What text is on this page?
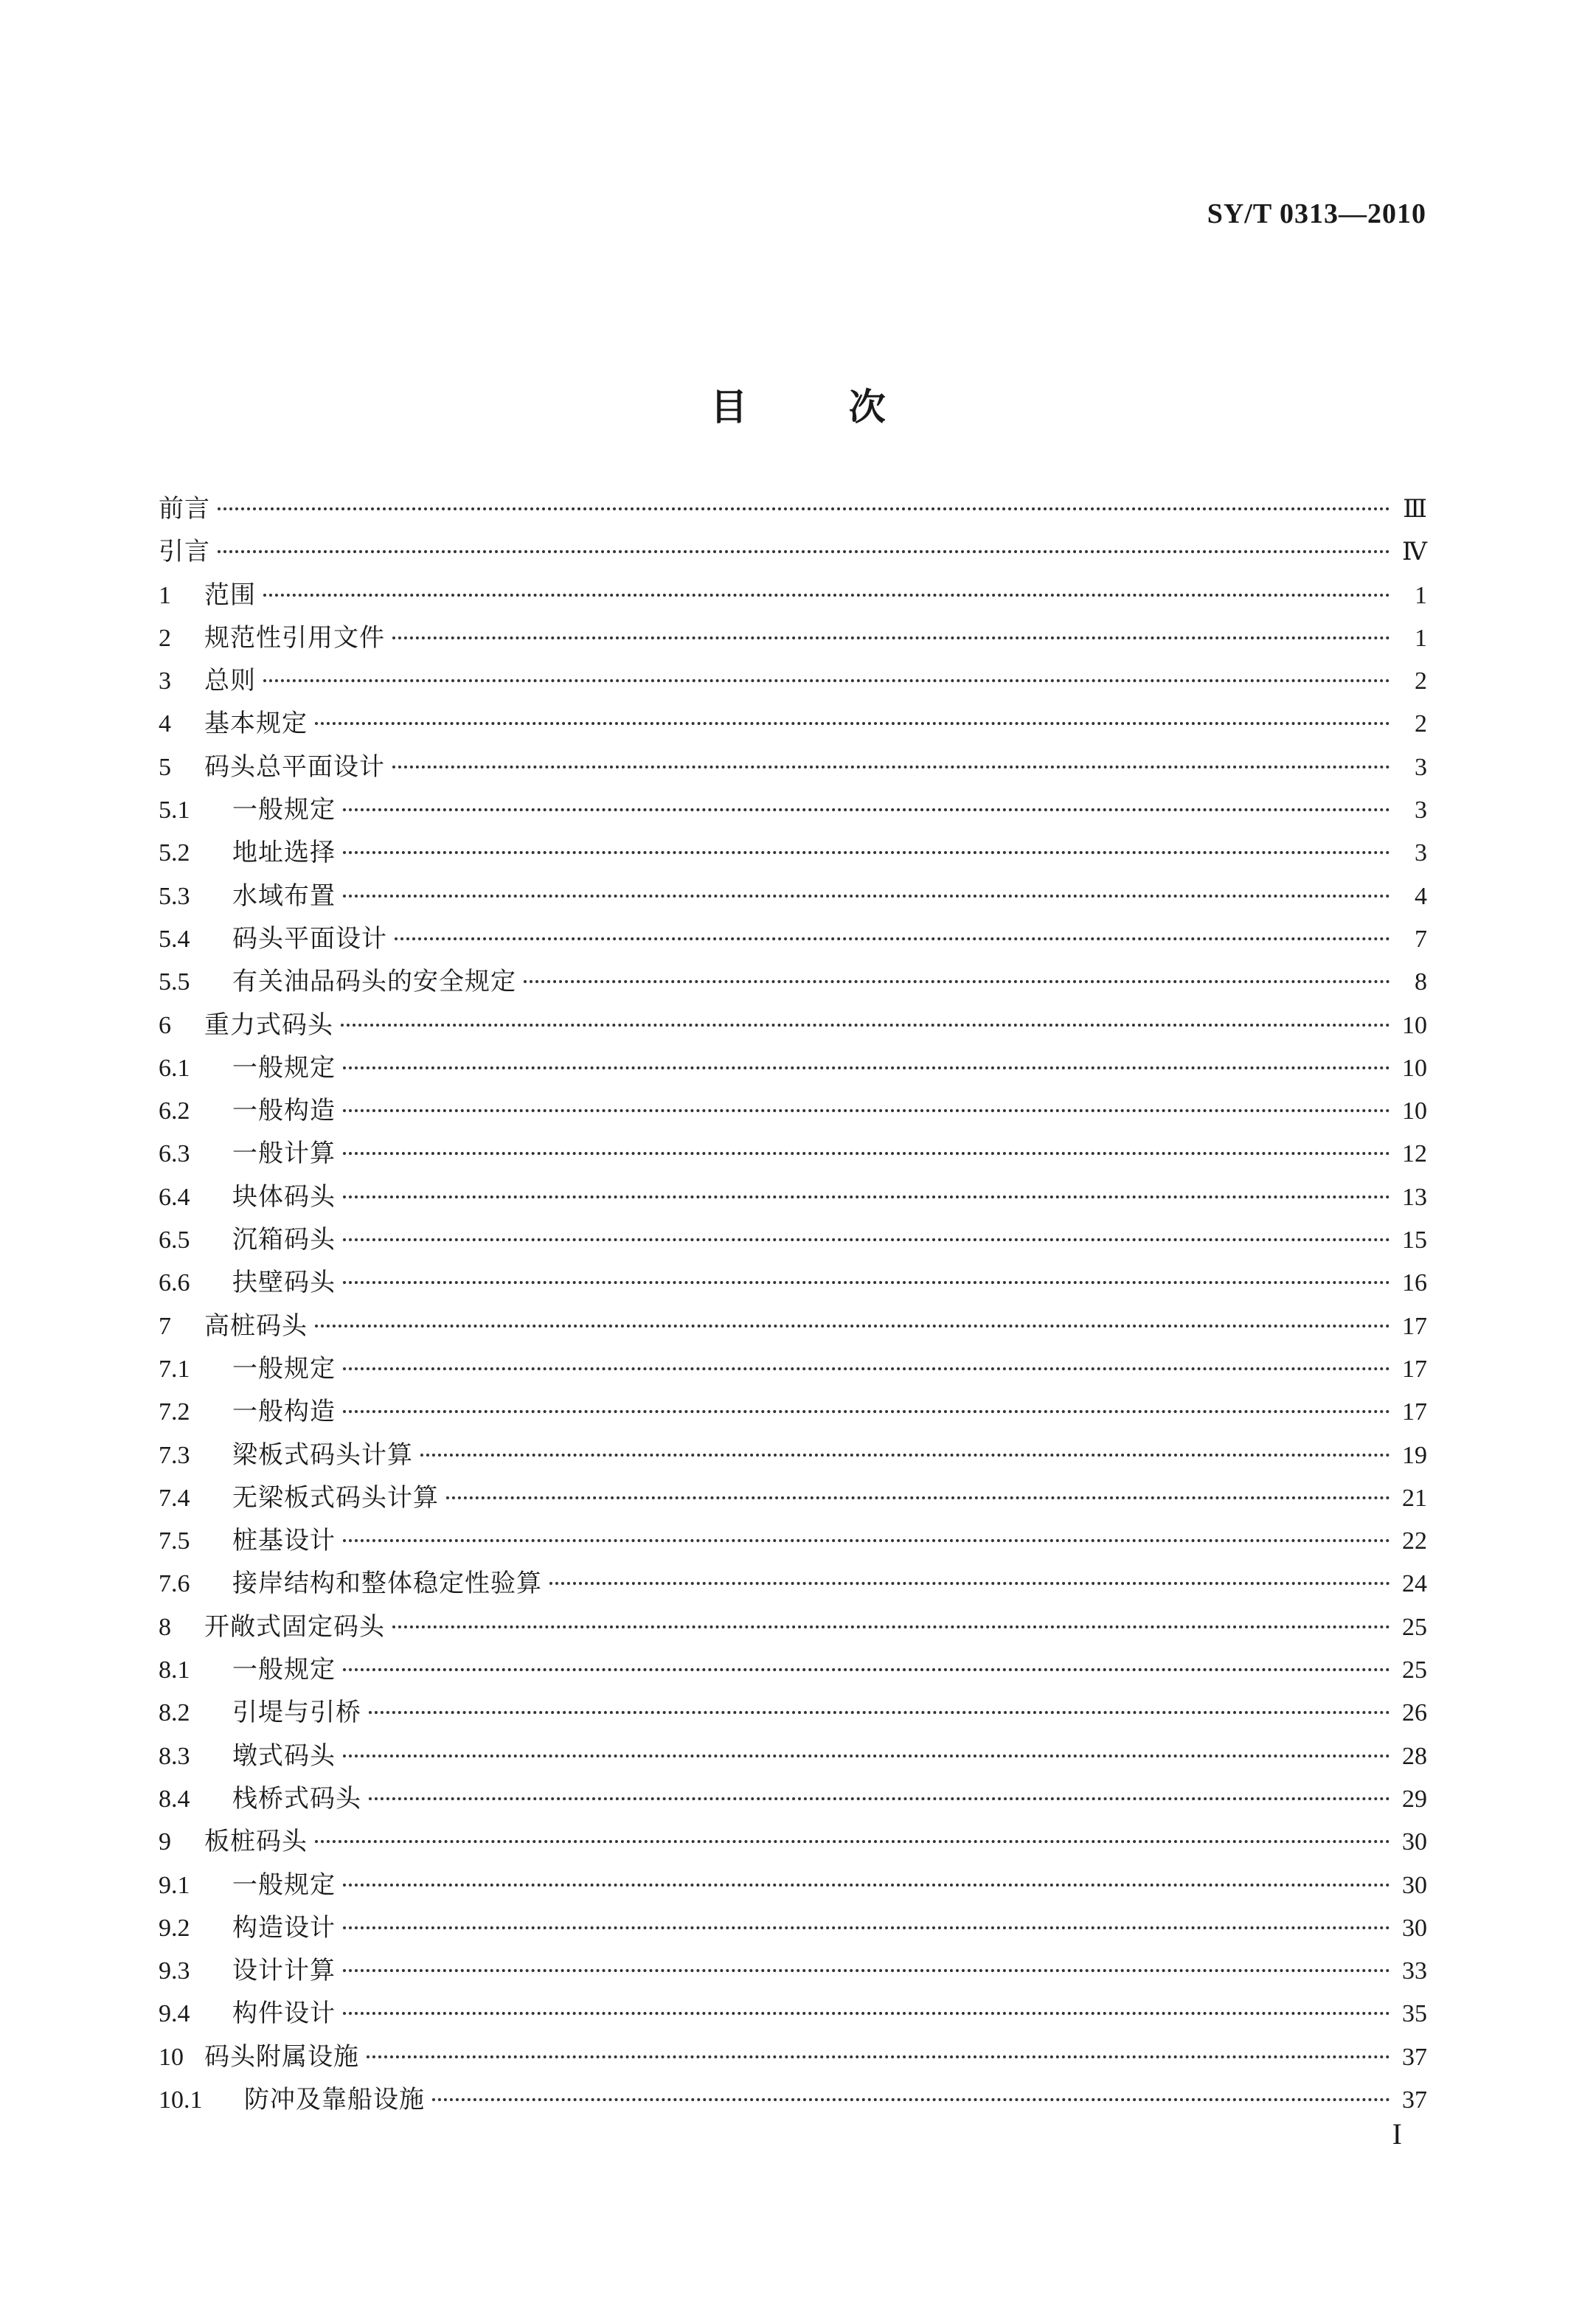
SY/T 0313—2010
目 次
前言	Ⅲ
引言	Ⅳ
1	范围	1
2	规范性引用文件	1
3	总则	2
4	基本规定	2
5	码头总平面设计	3
5.1	一般规定	3
5.2	地址选择	3
5.3	水域布置	4
5.4	码头平面设计	7
5.5	有关油品码头的安全规定	8
6	重力式码头	10
6.1	一般规定	10
6.2	一般构造	10
6.3	一般计算	12
6.4	块体码头	13
6.5	沉箱码头	15
6.6	扶壁码头	16
7	高桩码头	17
7.1	一般规定	17
7.2	一般构造	17
7.3	梁板式码头计算	19
7.4	无梁板式码头计算	21
7.5	桩基设计	22
7.6	接岸结构和整体稳定性验算	24
8	开敞式固定码头	25
8.1	一般规定	25
8.2	引堤与引桥	26
8.3	墩式码头	28
8.4	栈桥式码头	29
9	板桩码头	30
9.1	一般规定	30
9.2	构造设计	30
9.3	设计计算	33
9.4	构件设计	35
10 码头附属设施	37
10.1	防冲及靠船设施	37
I
